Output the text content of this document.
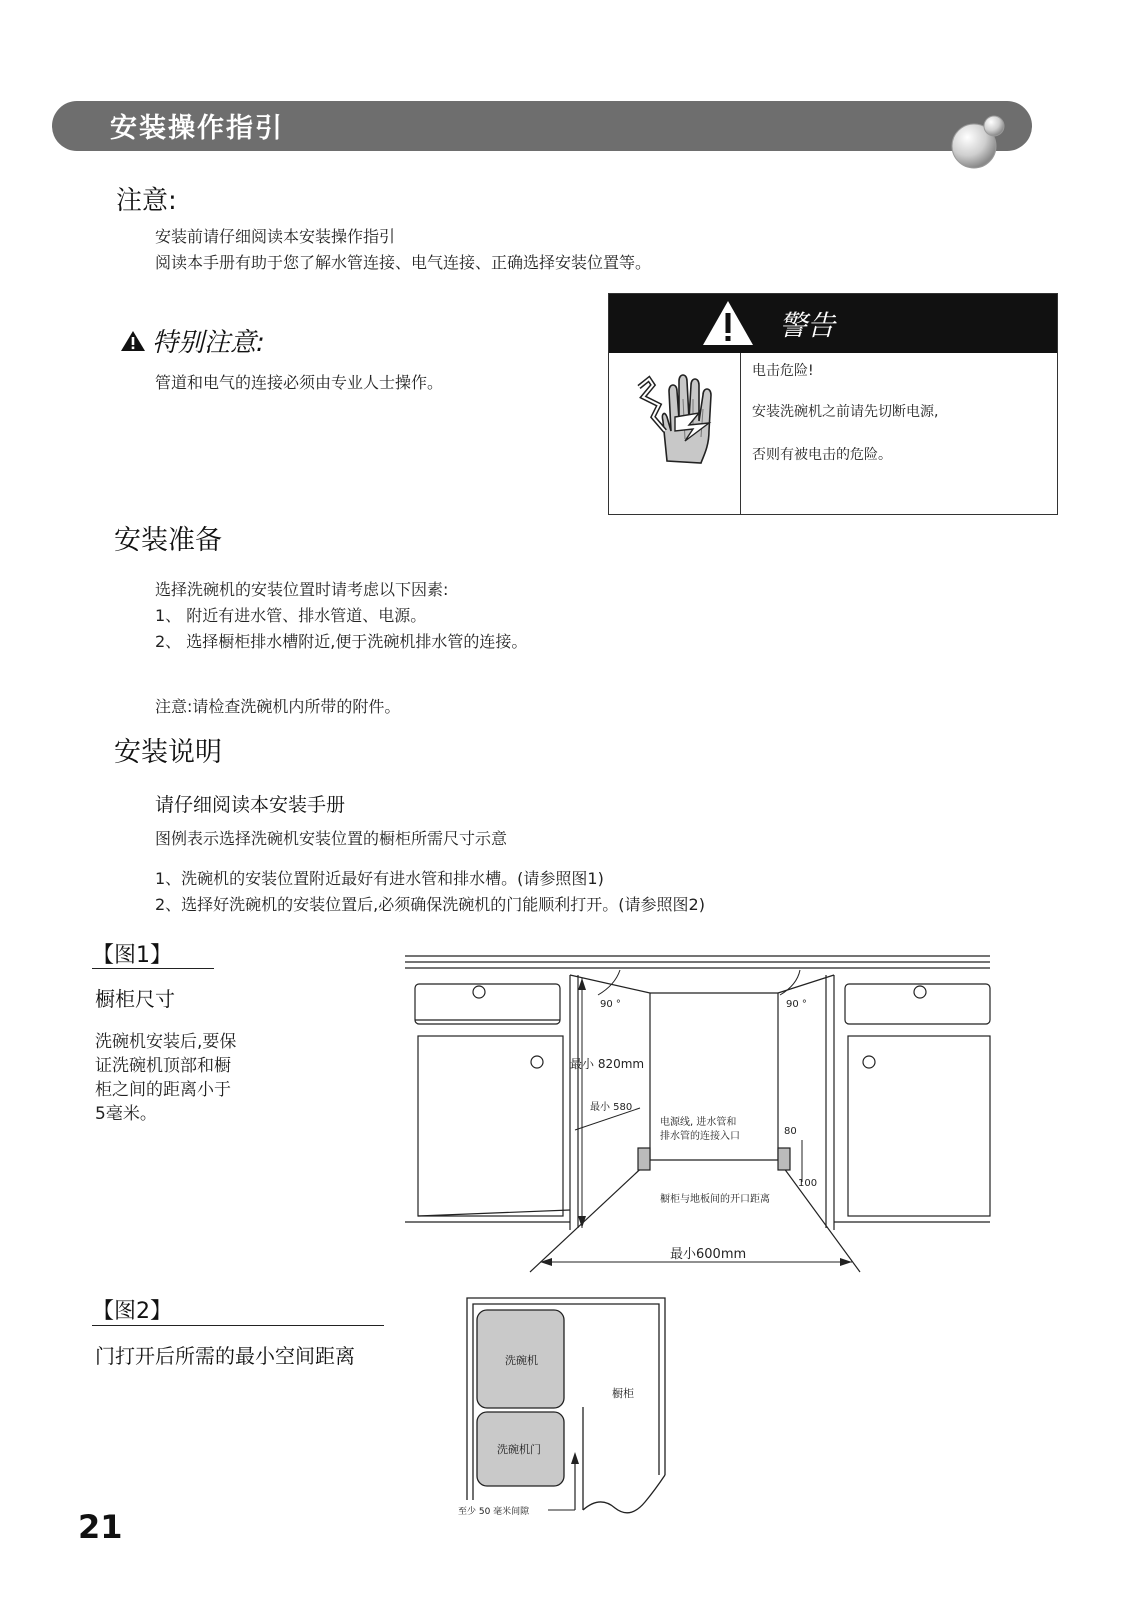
安装操作指引
注意:
安装前请仔细阅读本安装操作指引
阅读本手册有助于您了解水管连接、电气连接、正确选择安装位置等。
特别注意:
管道和电气的连接必须由专业人士操作。
警告
电击危险!
安装洗碗机之前请先切断电源,
否则有被电击的危险。
安装准备
选择洗碗机的安装位置时请考虑以下因素:
1、 附近有进水管、排水管道、电源。
2、 选择橱柜排水槽附近,便于洗碗机排水管的连接。
注意:请检查洗碗机内所带的附件。
安装说明
请仔细阅读本安装手册
图例表示选择洗碗机安装位置的橱柜所需尺寸示意
1、洗碗机的安装位置附近最好有进水管和排水槽。(请参照图1)
2、选择好洗碗机的安装位置后,必须确保洗碗机的门能顺利打开。(请参照图2)
【图1】
橱柜尺寸
洗碗机安装后,要保
证洗碗机顶部和橱
柜之间的距离小于
5毫米。
90 °	90 °
最小 820mm
最小 580
电源线, 进水管和
排水管的连接入口	80
100
橱柜与地板间的开口距离
最小600mm
【图2】
门打开后所需的最小空间距离	洗碗机
洗碗机门
橱柜
至少 50 毫米间隙
21
